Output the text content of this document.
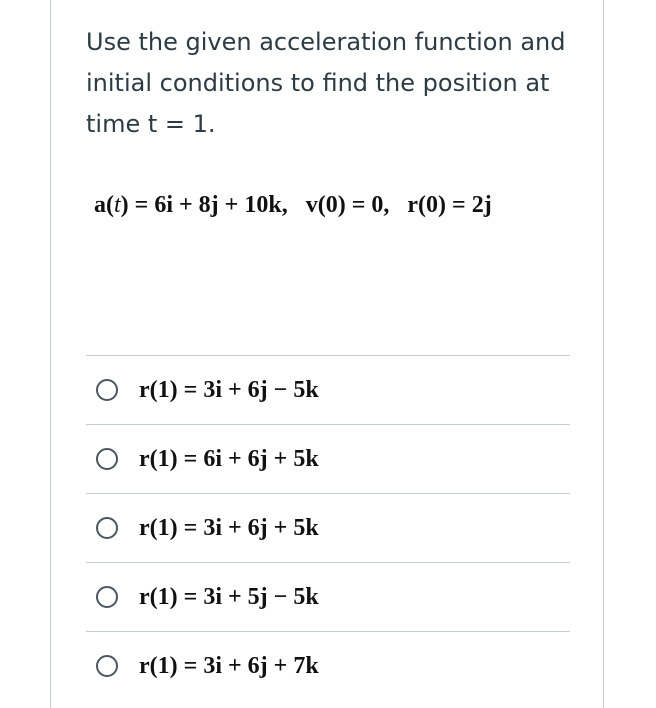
Use the given acceleration function and initial conditions to find the position at time t = 1.

a(t) = 6i + 8j + 10k, v(0) = 0, r(0) = 2j
r(1) = 3i + 6j − 5k
r(1) = 6i + 6j + 5k
r(1) = 3i + 6j + 5k
r(1) = 3i + 5j − 5k
r(1) = 3i + 6j + 7k
